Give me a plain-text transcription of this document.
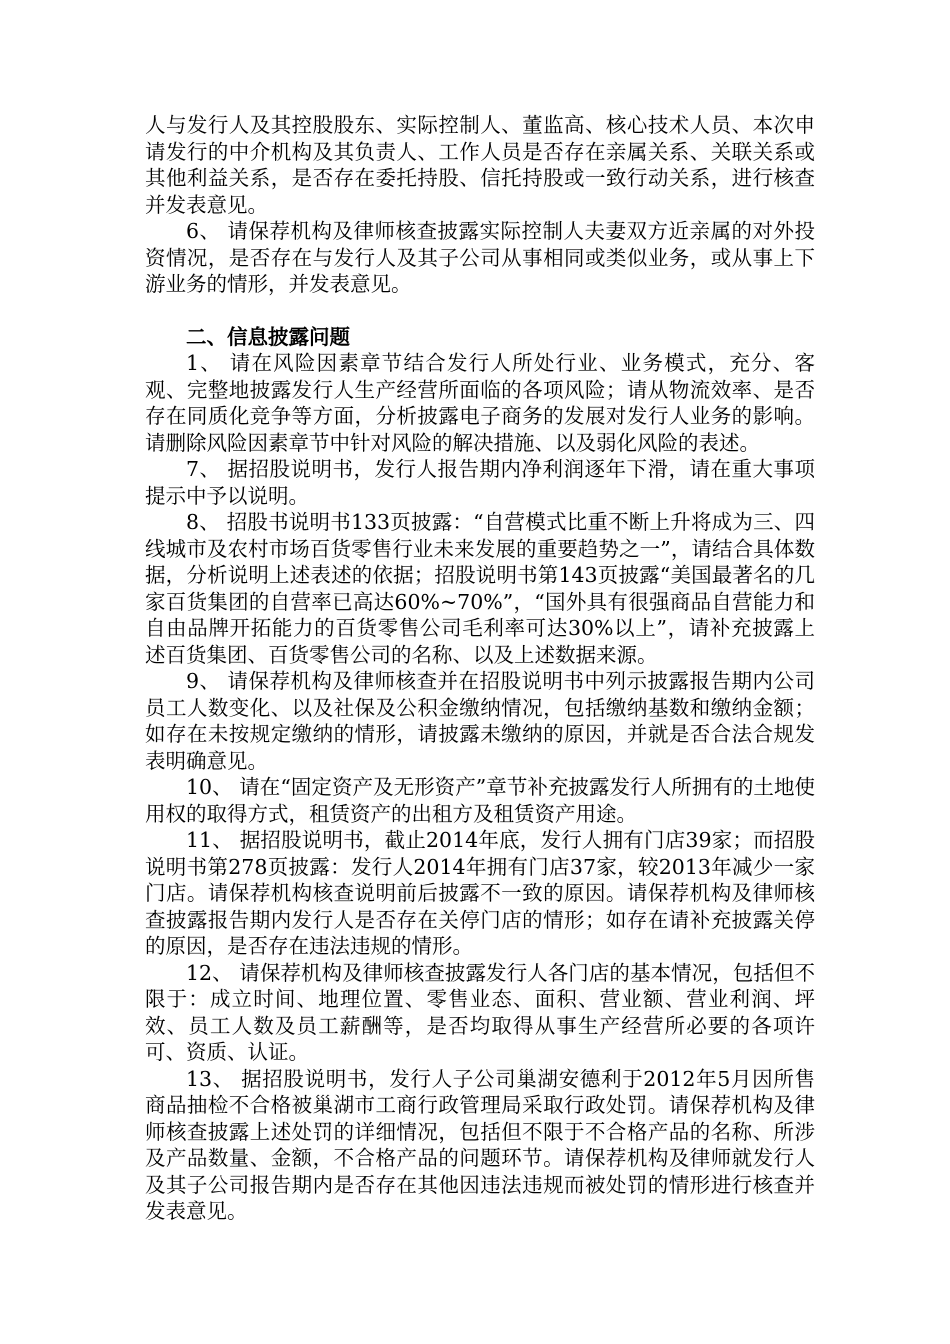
人与发行人及其控股股东、实际控制人、董监高、核心技术人员、本次申请发行的中介机构及其负责人、工作人员是否存在亲属关系、关联关系或其他利益关系，是否存在委托持股、信托持股或一致行动关系，进行核查并发表意见。

6、 请保荐机构及律师核查披露实际控制人夫妻双方近亲属的对外投资情况，是否存在与发行人及其子公司从事相同或类似业务，或从事上下游业务的情形，并发表意见。

二、信息披露问题

1、 请在风险因素章节结合发行人所处行业、业务模式，充分、客观、完整地披露发行人生产经营所面临的各项风险；请从物流效率、是否存在同质化竞争等方面，分析披露电子商务的发展对发行人业务的影响。请删除风险因素章节中针对风险的解决措施、以及弱化风险的表述。

7、 据招股说明书，发行人报告期内净利润逐年下滑，请在重大事项提示中予以说明。

8、 招股书说明书133页披露：“自营模式比重不断上升将成为三、四线城市及农村市场百货零售行业未来发展的重要趋势之一”，请结合具体数据，分析说明上述表述的依据；招股说明书第143页披露“美国最著名的几家百货集团的自营率已高达60%~70%”，“国外具有很强商品自营能力和自由品牌开拓能力的百货零售公司毛利率可达30%以上”，请补充披露上述百货集团、百货零售公司的名称、以及上述数据来源。

9、 请保荐机构及律师核查并在招股说明书中列示披露报告期内公司员工人数变化、以及社保及公积金缴纳情况，包括缴纳基数和缴纳金额；如存在未按规定缴纳的情形，请披露未缴纳的原因，并就是否合法合规发表明确意见。

10、 请在“固定资产及无形资产”章节补充披露发行人所拥有的土地使用权的取得方式，租赁资产的出租方及租赁资产用途。

11、 据招股说明书，截止2014年底，发行人拥有门店39家；而招股说明书第278页披露：发行人2014年拥有门店37家，较2013年减少一家门店。请保荐机构核查说明前后披露不一致的原因。请保荐机构及律师核查披露报告期内发行人是否存在关停门店的情形；如存在请补充披露关停的原因，是否存在违法违规的情形。

12、 请保荐机构及律师核查披露发行人各门店的基本情况，包括但不限于：成立时间、地理位置、零售业态、面积、营业额、营业利润、坪效、员工人数及员工薪酬等，是否均取得从事生产经营所必要的各项许可、资质、认证。

13、 据招股说明书，发行人子公司巢湖安德利于2012年5月因所售商品抽检不合格被巢湖市工商行政管理局采取行政处罚。请保荐机构及律师核查披露上述处罚的详细情况，包括但不限于不合格产品的名称、所涉及产品数量、金额，不合格产品的问题环节。请保荐机构及律师就发行人及其子公司报告期内是否存在其他因违法违规而被处罚的情形进行核查并发表意见。
